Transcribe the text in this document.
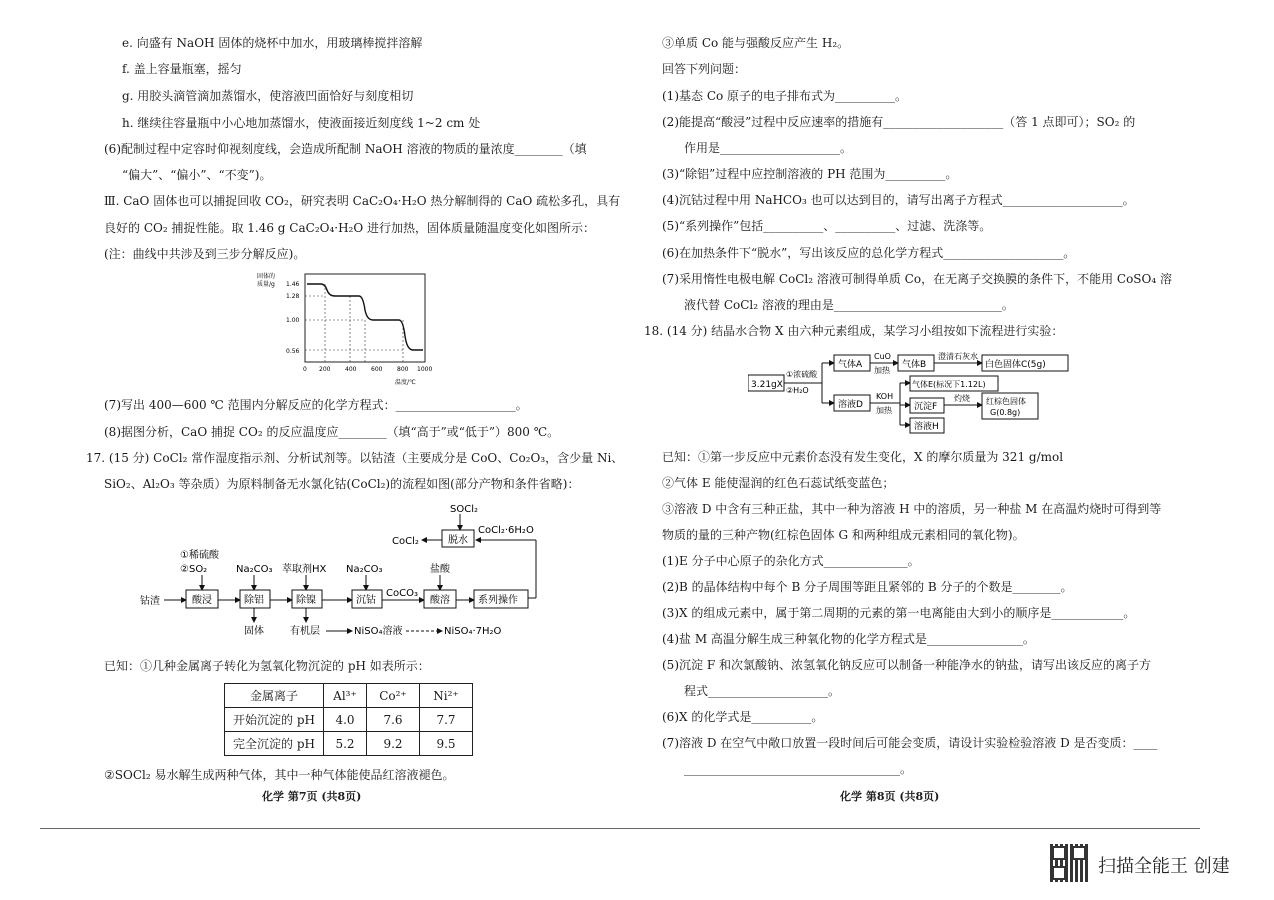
e. 向盛有 NaOH 固体的烧杯中加水，用玻璃棒搅拌溶解
f. 盖上容量瓶塞，摇匀
g. 用胶头滴管滴加蒸馏水，使溶液凹面恰好与刻度相切
h. 继续往容量瓶中小心地加蒸馏水，使液面接近刻度线 1~2 cm 处
(6)配制过程中定容时仰视刻度线，会造成所配制 NaOH 溶液的物质的量浓度________（填
“偏大”、“偏小”、“不变”)。
Ⅲ. CaO 固体也可以捕捉回收 CO₂，研究表明 CaC₂O₄·H₂O 热分解制得的 CaO 疏松多孔，具有
良好的 CO₂ 捕捉性能。取 1.46 g CaC₂O₄·H₂O 进行加热，固体质量随温度变化如图所示：
(注：曲线中共涉及到三步分解反应)。
固体的
质量/g 1.46
1.28
1.00
0.56
0 200 400 600 800 1000
温度/℃
(7)写出 400—600 ℃ 范围内分解反应的化学方程式：____________________。
(8)据图分析，CaO 捕捉 CO₂ 的反应温度应________（填“高于”或“低于”）800 ℃。
17. (15 分) CoCl₂ 常作湿度指示剂、分析试剂等。以钴渣（主要成分是 CoO、Co₂O₃，含少量 Ni、
SiO₂、Al₂O₃ 等杂质）为原料制备无水氯化钴(CoCl₂)的流程如图(部分产物和条件省略)：
SOCl₂
脱水
CoCl₂
CoCl₂·6H₂O
①稀硫酸
②SO₂	Na₂CO₃ 萃取剂HX Na₂CO₃	盐酸
钴渣	酸浸	除铝	除镍	沉钴
CoCO₃
酸溶	系列操作
固体	有机层	NiSO₄溶液	NiSO₄·7H₂O
已知：①几种金属离子转化为氢氧化物沉淀的 pH 如表所示：
金属离子	Al³⁺	Co²⁺	Ni²⁺
开始沉淀的 pH	4.0	7.6	7.7
完全沉淀的 pH	5.2	9.2	9.5
②SOCl₂ 易水解生成两种气体，其中一种气体能使品红溶液褪色。
化学 第7页 (共8页)
③单质 Co 能与强酸反应产生 H₂。
回答下列问题：
(1)基态 Co 原子的电子排布式为__________。
(2)能提高“酸浸”过程中反应速率的措施有____________________（答 1 点即可）；SO₂ 的
作用是____________________。
(3)“除铝”过程中应控制溶液的 PH 范围为__________。
(4)沉钴过程中用 NaHCO₃ 也可以达到目的，请写出离子方程式____________________。
(5)“系列操作”包括__________、__________、过滤、洗涤等。
(6)在加热条件下“脱水”，写出该反应的总化学方程式____________________。
(7)采用惰性电极电解 CoCl₂ 溶液可制得单质 Co，在无离子交换膜的条件下，不能用 CoSO₄ 溶
液代替 CoCl₂ 溶液的理由是____________________________。
18. (14 分) 结晶水合物 X 由六种元素组成，某学习小组按如下流程进行实验：
3.21gX
①浓硫酸
②H₂O
气体A
CuO
加热
气体B
澄清石灰水
白色固体C(5g)
溶液D
KOH
加热
气体E(标况下1.12L)
沉淀F
灼烧 红棕色固体
G(0.8g)
溶液H
已知：①第一步反应中元素价态没有发生变化，X 的摩尔质量为 321 g/mol
②气体 E 能使湿润的红色石蕊试纸变蓝色；
③溶液 D 中含有三种正盐，其中一种为溶液 H 中的溶质，另一种盐 M 在高温灼烧时可得到等
物质的量的三种产物(红棕色固体 G 和两种组成元素相同的氧化物)。
(1)E 分子中心原子的杂化方式______________。
(2)B 的晶体结构中每个 B 分子周围等距且紧邻的 B 分子的个数是________。
(3)X 的组成元素中，属于第二周期的元素的第一电离能由大到小的顺序是____________。
(4)盐 M 高温分解生成三种氧化物的化学方程式是________________。
(5)沉淀 F 和次氯酸钠、浓氢氧化钠反应可以制备一种能净水的钠盐，请写出该反应的离子方
程式____________________。
(6)X 的化学式是__________。
(7)溶液 D 在空气中敞口放置一段时间后可能会变质，请设计实验检验溶液 D 是否变质：____
____________________________________。
化学 第8页 (共8页)
扫描全能王 创建
